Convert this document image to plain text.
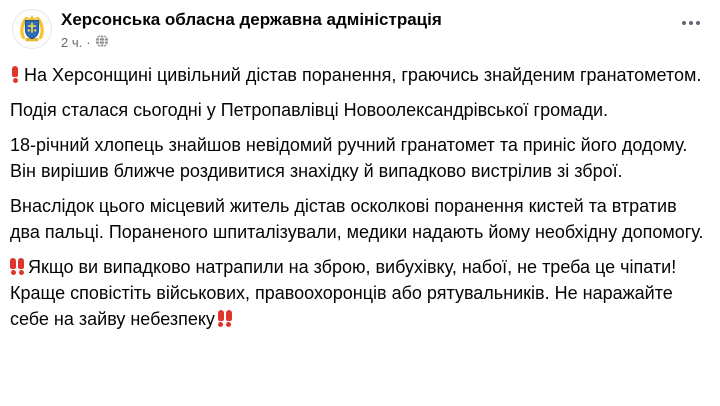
Херсонська обласна державна адміністрація
2 ч. ·

На Херсонщині цивільний дістав поранення, граючись знайденим гранатометом.

Подія сталася сьогодні у Петропавлівці Новоолександрівської громади.

18-річний хлопець знайшов невідомий ручний гранатомет та приніс його додому. Він вирішив ближче роздивитися знахідку й випадково вистрілив зі зброї.

Внаслідок цього місцевий житель дістав осколкові поранення кистей та втратив два пальці. Пораненого шпиталізували, медики надають йому необхідну допомогу.

Якщо ви випадково натрапили на зброю, вибухівку, набої, не треба це чіпати! Краще сповістіть військових, правоохоронців або рятувальників. Не наражайте себе на зайву небезпеку
